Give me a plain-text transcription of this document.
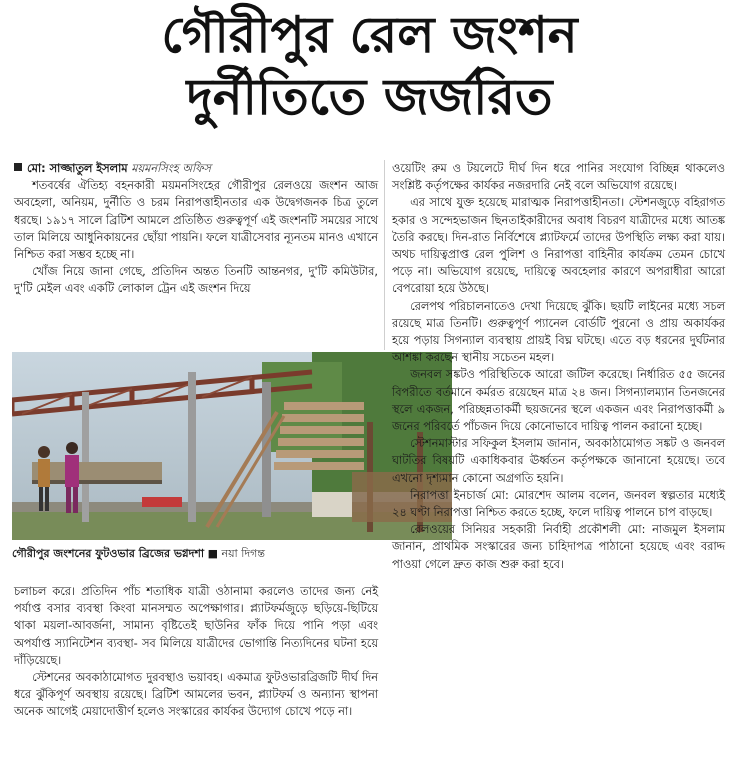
গৌরীপুর রেল জংশন
দুর্নীতিতে জর্জরিত

মো: সাজ্জাতুল ইসলাম ময়মনসিংহ অফিস

শতবর্ষের ঐতিহ্য বহনকারী ময়মনসিংহের গৌরীপুর রেলওয়ে জংশন আজ অবহেলা, অনিয়ম, দুর্নীতি ও চরম নিরাপত্তাহীনতার এক উদ্বেগজনক চিত্র তুলে ধরছে। ১৯১৭ সালে ব্রিটিশ আমলে প্রতিষ্ঠিত গুরুত্বপূর্ণ এই জংশনটি সময়ের সাথে তাল মিলিয়ে আধুনিকায়নের ছোঁয়া পায়নি। ফলে যাত্রীসেবার ন্যূনতম মানও এখানে নিশ্চিত করা সম্ভব হচ্ছে না।

খোঁজ নিয়ে জানা গেছে, প্রতিদিন অন্তত তিনটি আন্তনগর, দু'টি কমিউটার, দু'টি মেইল এবং একটি লোকাল ট্রেন এই জংশন দিয়ে

গৌরীপুর জংশনের ফুটওভার ব্রিজের ভগ্নদশা ■ নয়া দিগন্ত

চলাচল করে। প্রতিদিন পাঁচ শতাধিক যাত্রী ওঠানামা করলেও তাদের জন্য নেই পর্যাপ্ত বসার ব্যবস্থা কিংবা মানসম্মত অপেক্ষাগার। প্ল্যাটফর্মজুড়ে ছড়িয়ে-ছিটিয়ে থাকা ময়লা-আবর্জনা, সামান্য বৃষ্টিতেই ছাউনির ফাঁক দিয়ে পানি পড়া এবং অপর্যাপ্ত স্যানিটেশন ব্যবস্থা- সব মিলিয়ে যাত্রীদের ভোগান্তি নিত্যদিনের ঘটনা হয়ে দাঁড়িয়েছে।

স্টেশনের অবকাঠামোগত দুরবস্থাও ভয়াবহ। একমাত্র ফুটওভারব্রিজটি দীর্ঘ দিন ধরে ঝুঁকিপূর্ণ অবস্থায় রয়েছে। ব্রিটিশ আমলের ভবন, প্ল্যাটফর্ম ও অন্যান্য স্থাপনা অনেক আগেই মেয়াদোত্তীর্ণ হলেও সংস্কারের কার্যকর উদ্যোগ চোখে পড়ে না।

ওয়েটিং রুম ও টয়লেটে দীর্ঘ দিন ধরে পানির সংযোগ বিচ্ছিন্ন থাকলেও সংশ্লিষ্ট কর্তৃপক্ষের কার্যকর নজরদারি নেই বলে অভিযোগ রয়েছে।

এর সাথে যুক্ত হয়েছে মারাত্মক নিরাপত্তাহীনতা। স্টেশনজুড়ে বহিরাগত হকার ও সন্দেহভাজন ছিনতাইকারীদের অবাধ বিচরণ যাত্রীদের মধ্যে আতঙ্ক তৈরি করছে। দিন-রাত নির্বিশেষে প্ল্যাটফর্মে তাদের উপস্থিতি লক্ষ্য করা যায়। অথচ দায়িত্বপ্রাপ্ত রেল পুলিশ ও নিরাপত্তা বাহিনীর কার্যক্রম তেমন চোখে পড়ে না। অভিযোগ রয়েছে, দায়িত্বে অবহেলার কারণে অপরাধীরা আরো বেপরোয়া হয়ে উঠছে।

রেলপথ পরিচালনাতেও দেখা দিয়েছে ঝুঁকি। ছয়টি লাইনের মধ্যে সচল রয়েছে মাত্র তিনটি। গুরুত্বপূর্ণ প্যানেল বোর্ডটি পুরনো ও প্রায় অকার্যকর হয়ে পড়ায় সিগন্যাল ব্যবস্থায় প্রায়ই বিঘ্ন ঘটছে। এতে বড় ধরনের দুর্ঘটনার আশঙ্কা করছেন স্থানীয় সচেতন মহল।

জনবল সঙ্কটও পরিস্থিতিকে আরো জটিল করেছে। নির্ধারিত ৫৫ জনের বিপরীতে বর্তমানে কর্মরত রয়েছেন মাত্র ২৪ জন। সিগন্যালম্যান তিনজনের স্থলে একজন, পরিচ্ছন্নতাকর্মী ছয়জনের স্থলে একজন এবং নিরাপত্তাকর্মী ৯ জনের পরিবর্তে পাঁচজন দিয়ে কোনোভাবে দায়িত্ব পালন করানো হচ্ছে।

স্টেশনমাস্টার সফিকুল ইসলাম জানান, অবকাঠামোগত সঙ্কট ও জনবল ঘাটতির বিষয়টি একাধিকবার ঊর্ধ্বতন কর্তৃপক্ষকে জানানো হয়েছে। তবে এখনো দৃশ্যমান কোনো অগ্রগতি হয়নি।

নিরাপত্তা ইনচার্জ মো: মোরশেদ আলম বলেন, জনবল স্বল্পতার মধ্যেই ২৪ ঘণ্টা নিরাপত্তা নিশ্চিত করতে হচ্ছে, ফলে দায়িত্ব পালনে চাপ বাড়ছে।

রেলওয়ের সিনিয়র সহকারী নির্বাহী প্রকৌশলী মো: নাজমুল ইসলাম জানান, প্রাথমিক সংস্কারের জন্য চাহিদাপত্র পাঠানো হয়েছে এবং বরাদ্দ পাওয়া গেলে দ্রুত কাজ শুরু করা হবে।
